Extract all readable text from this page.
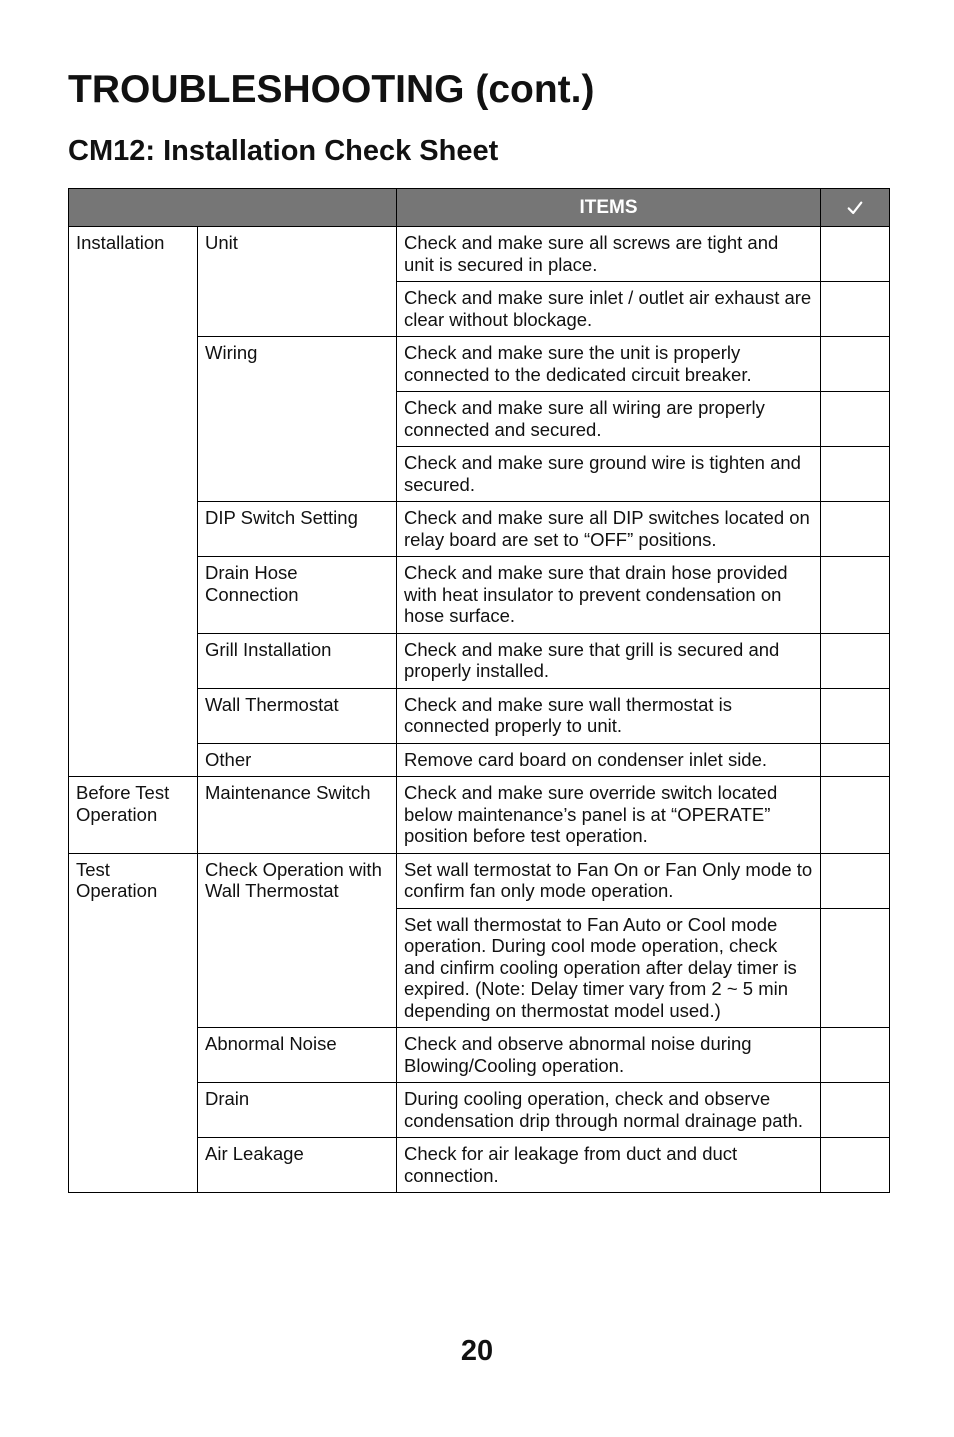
TROUBLESHOOTING (cont.)
CM12: Installation Check Sheet
		ITEMS	
Installation	Unit	Check and make sure all screws are tight and unit is secured in place.	
		Check and make sure inlet / outlet air exhaust are clear without blockage.	
	Wiring	Check and make sure the unit is properly connected to the dedicated circuit breaker.	
		Check and make sure all wiring are properly connected and secured.	
		Check and make sure ground wire is tighten and secured.	
	DIP Switch Setting	Check and make sure all DIP switches located on relay board are set to “OFF” positions.	
	Drain Hose Connection	Check and make sure that drain hose provided with heat insulator to prevent condensation on hose surface.	
	Grill Installation	Check and make sure that grill is secured and properly installed.	
	Wall Thermostat	Check and make sure wall thermostat is connected properly to unit.	
	Other	Remove card board on condenser inlet side.	
Before Test Operation	Maintenance Switch	Check and make sure override switch located below maintenance’s panel is at “OPERATE” position before test operation.	
Test Operation	Check Operation with Wall Thermostat	Set wall termostat to Fan On or Fan Only mode to confirm fan only mode operation.	
		Set wall thermostat to Fan Auto or Cool mode operation. During cool mode operation, check and cinfirm cooling operation after delay timer is expired. (Note: Delay timer vary from 2 ~ 5 min depending on thermostat model used.)	
	Abnormal Noise	Check and observe abnormal noise during Blowing/Cooling operation.	
	Drain	During cooling operation, check and observe condensation drip through normal drainage path.	
	Air Leakage	Check for air leakage from duct and duct connection.	

20
